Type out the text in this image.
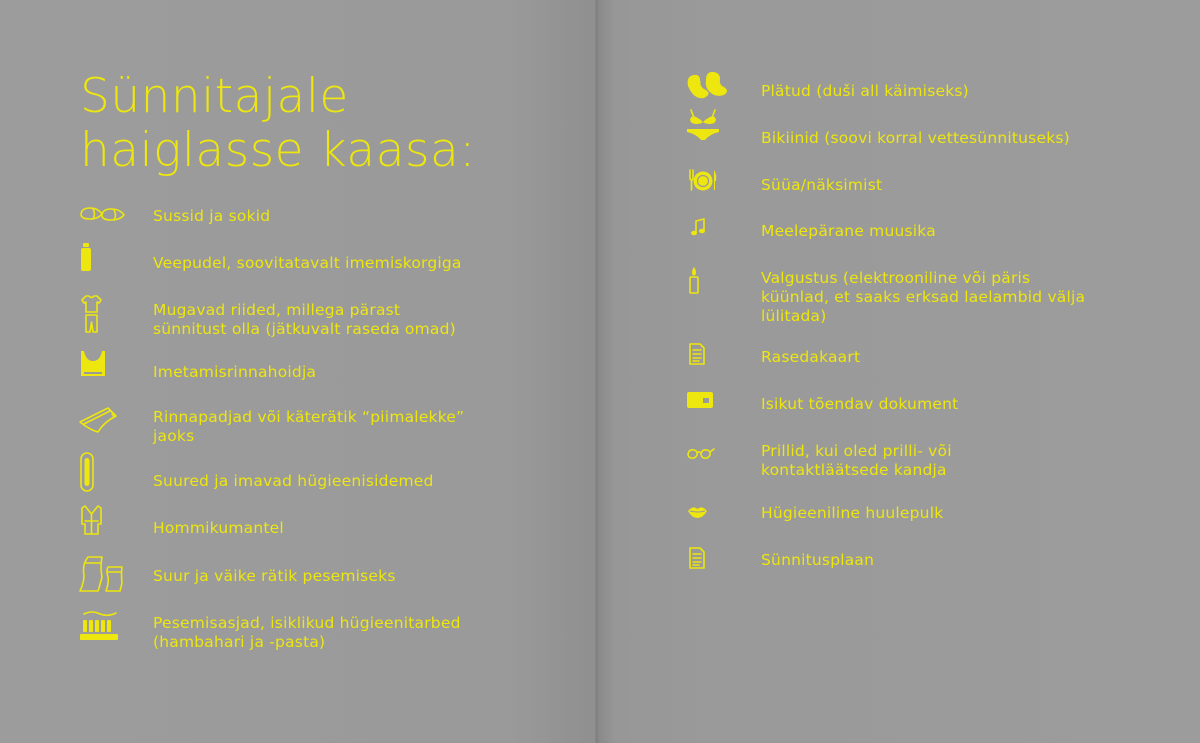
Sünnitajale
haiglasse kaasa:
Sussid ja sokid
Veepudel, soovitatavalt imemiskorgiga
Mugavad riided, millega pärast
sünnitust olla (jätkuvalt raseda omad)
Imetamisrinnahoidja
Rinnapadjad või käterätik “piimalekke”
jaoks
Suured ja imavad hügieenisidemed
Hommikumantel
Suur ja väike rätik pesemiseks
Pesemisasjad, isiklikud hügieenitarbed
(hambahari ja -pasta)
Plätud (duši all käimiseks)
Bikiinid (soovi korral vettesünnituseks)
Süüa/näksimist
Meelepärane muusika
Valgustus (elektrooniline või päris
küünlad, et saaks erksad laelambid välja
lülitada)
Rasedakaart
Isikut tõendav dokument
Prillid, kui oled prilli- või
kontaktläätsede kandja
Hügieeniline huulepulk
Sünnitusplaan
